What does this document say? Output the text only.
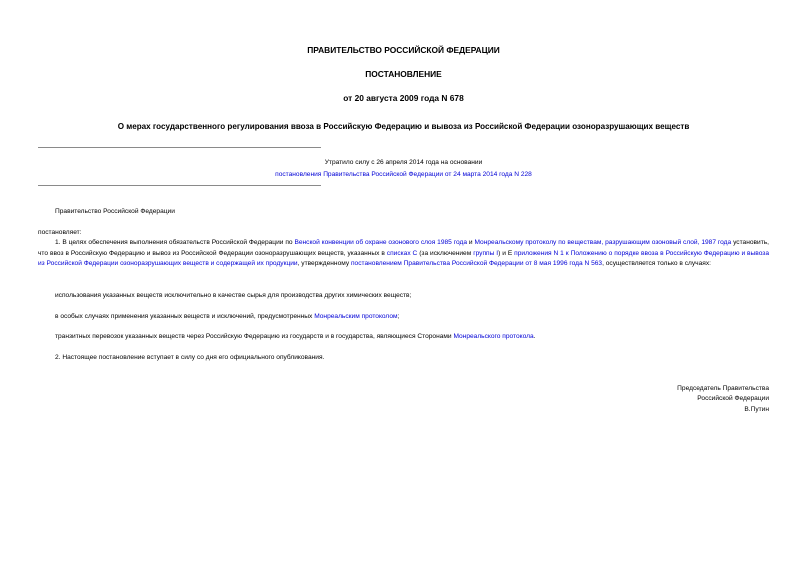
ПРАВИТЕЛЬСТВО РОССИЙСКОЙ ФЕДЕРАЦИИ
ПОСТАНОВЛЕНИЕ
от 20 августа 2009 года N 678
О мерах государственного регулирования ввоза в Российскую Федерацию и вывоза из Российской Федерации озоноразрушающих веществ
Утратило силу с 26 апреля 2014 года на основании
постановления Правительства Российской Федерации от 24 марта 2014 года N 228
Правительство Российской Федерации
постановляет:
1. В целях обеспечения выполнения обязательств Российской Федерации по Венской конвенции об охране озонового слоя 1985 года и Монреальскому протоколу по веществам, разрушающим озоновый слой, 1987 года установить, что ввоз в Российскую Федерацию и вывоз из Российской Федерации озоноразрушающих веществ, указанных в списках С (за исключением группы I) и Е приложения N 1 к Положению о порядке ввоза в Российскую Федерацию и вывоза из Российской Федерации озоноразрушающих веществ и содержащей их продукции, утвержденному постановлением Правительства Российской Федерации от 8 мая 1996 года N 563, осуществляется только в случаях:
использования указанных веществ исключительно в качестве сырья для производства других химических веществ;
в особых случаях применения указанных веществ и исключений, предусмотренных Монреальским протоколом;
транзитных перевозок указанных веществ через Российскую Федерацию из государств и в государства, являющиеся Сторонами Монреальского протокола.
2. Настоящее постановление вступает в силу со дня его официального опубликования.
Председатель Правительства
Российской Федерации
В.Путин
